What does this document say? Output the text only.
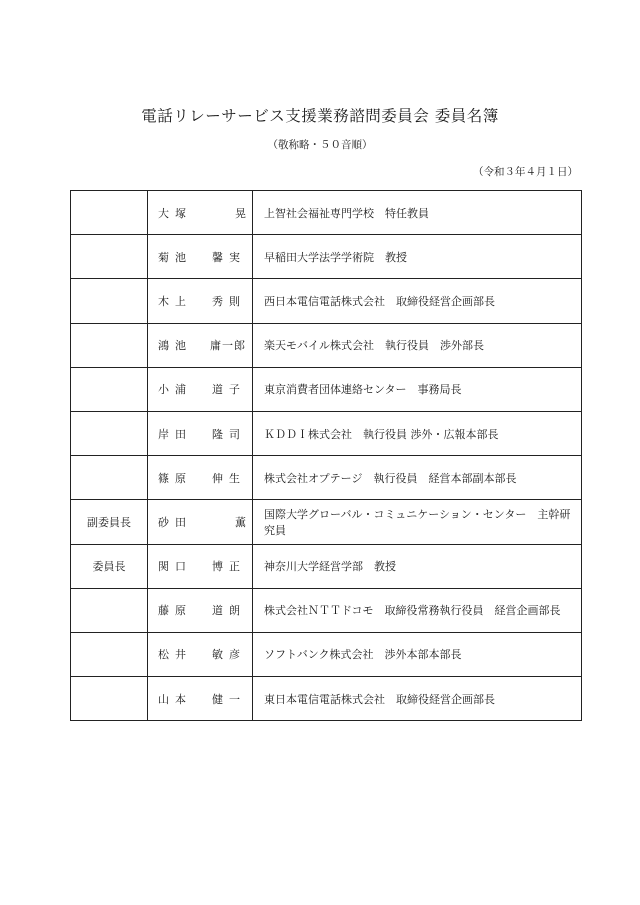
電話リレーサービス支援業務諮問委員会 委員名簿
（敬称略・５０音順）
（令和３年４月１日）

	大塚 晃	上智社会福祉専門学校　特任教員

	菊池 馨実	早稲田大学法学学術院　教授

	木上 秀則	西日本電信電話株式会社　取締役経営企画部長

	鴻池 庸一郎	楽天モバイル株式会社　執行役員　渉外部長

	小浦 道子	東京消費者団体連絡センター　事務局長

	岸田 隆司	ＫＤＤＩ株式会社　執行役員 渉外・広報本部長

	篠原 伸生	株式会社オプテージ　執行役員　経営本部副本部長
副委員長	砂田 薫	国際大学グローバル・コミュニケーション・センター　主幹研究員
委員長	関口 博正	神奈川大学経営学部　教授

	藤原 道朗	株式会社ＮＴＴドコモ　取締役常務執行役員　経営企画部長

	松井 敏彦	ソフトバンク株式会社　渉外本部本部長

	山本 健一	東日本電信電話株式会社　取締役経営企画部長
